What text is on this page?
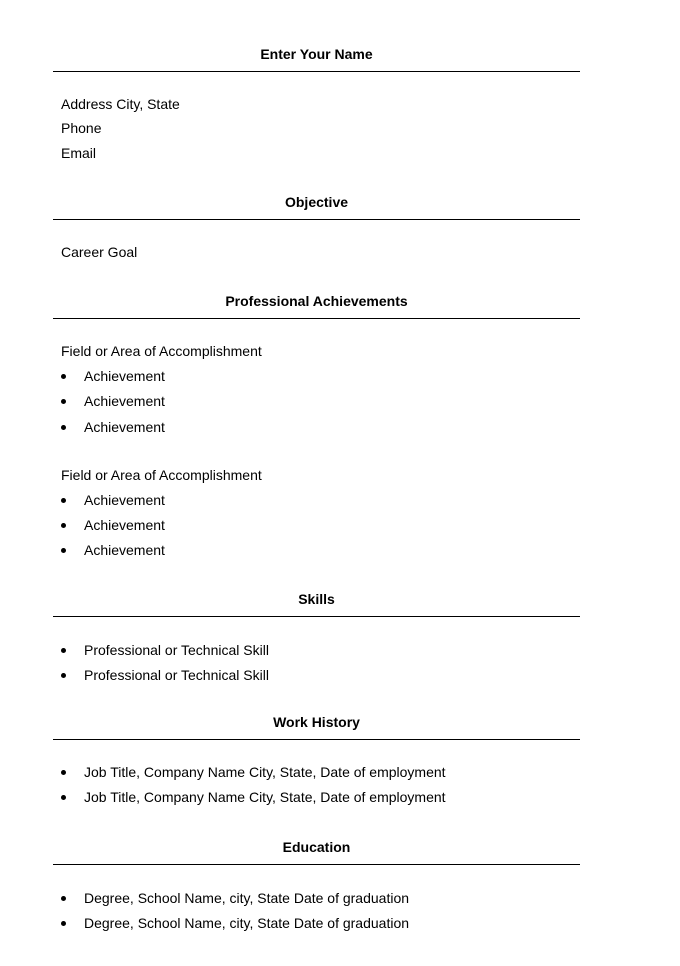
Enter Your Name
Address City, State
Phone
Email
Objective
Career Goal
Professional Achievements
Field or Area of Accomplishment
Achievement
Achievement
Achievement
Field or Area of Accomplishment
Achievement
Achievement
Achievement
Skills
Professional or Technical Skill
Professional or Technical Skill
Work History
Job Title, Company Name City, State, Date of employment
Job Title, Company Name City, State, Date of employment
Education
Degree, School Name, city, State Date of graduation
Degree, School Name, city, State Date of graduation
